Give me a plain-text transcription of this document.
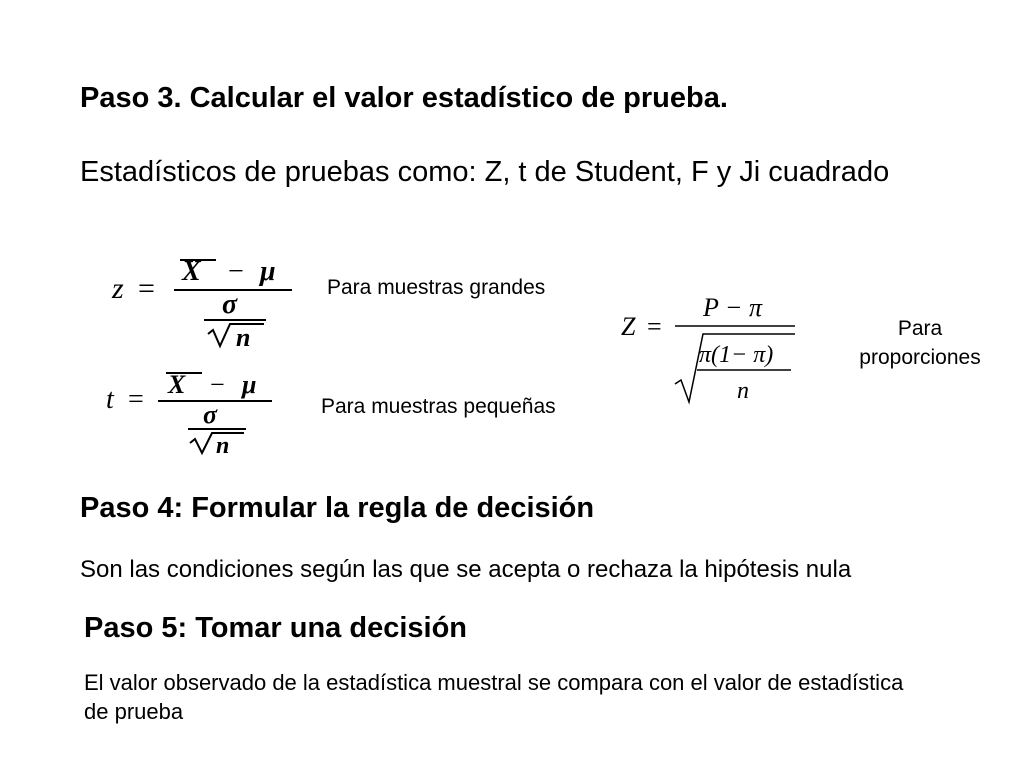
Paso 3. Calcular el valor estadístico de prueba.
Estadísticos de pruebas como: Z, t de Student, F y Ji cuadrado
z =
X − μ
σ
n
Para muestras grandes
t = X − μ
σ
n
Para muestras pequeñas
Z =
P − π
π(1− π)
n
Para
proporciones
Paso 4: Formular la regla de decisión
Son las condiciones según las que se acepta o rechaza la hipótesis nula
Paso 5: Tomar una decisión
El valor observado de la estadística muestral se compara con el valor de estadística de prueba
